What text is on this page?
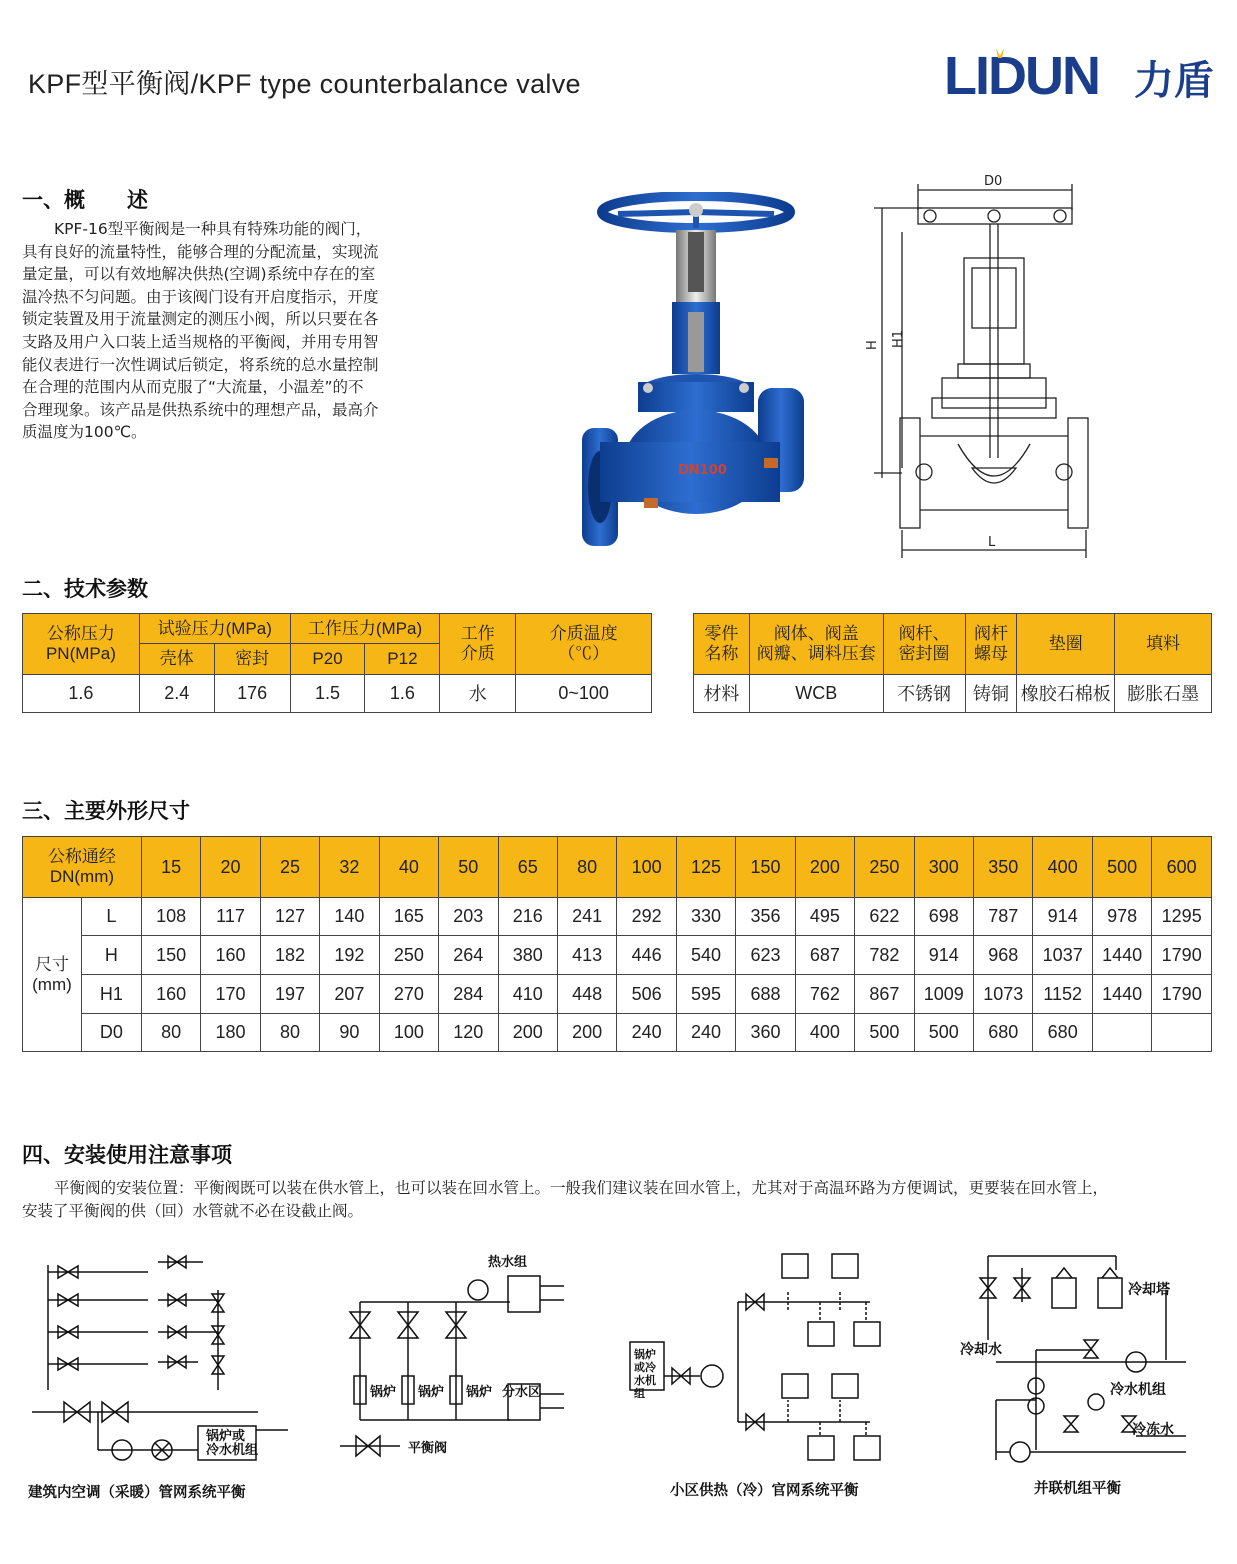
KPF型平衡阀/KPF type counterbalance valve	LIDUN 力盾
一、概　　述
KPF-16型平衡阀是一种具有特殊功能的阀门，
具有良好的流量特性，能够合理的分配流量，实现流
量定量，可以有效地解决供热(空调)系统中存在的室
温冷热不匀问题。由于该阀门设有开启度指示，开度
锁定装置及用于流量测定的测压小阀，所以只要在各
支路及用户入口装上适当规格的平衡阀，并用专用智
能仪表进行一次性调试后锁定，将系统的总水量控制
在合理的范围内从而克服了“大流量，小温差”的不
合理现象。该产品是供热系统中的理想产品，最高介
质温度为100℃。
DN100
D0
H H1
L
二、技术参数
公称压力
PN(MPa)	试验压力(MPa)		工作压力(MPa)		工作
介质	介质温度
（℃）
	壳体	密封	P20	P12		
1.6	2.4	176	1.5	1.6	水	0~100
零件
名称	阀体、阀盖
阀瓣、调料压套	阀杆、
密封圈	阀杆
螺母	垫圈	填料
材料	WCB	不锈钢	铸铜	橡胶石棉板	膨胀石墨
三、主要外形尺寸
公称通经
DN(mm)		15	20	25	32	40	50	65	80	100	125	150	200	250	300	350	400	500	600
尺寸
(mm)	L	108	117	127	140	165	203	216	241	292	330	356	495	622	698	787	914	978	1295
	H	150	160	182	192	250	264	380	413	446	540	623	687	782	914	968	1037	1440	1790
	H1	160	170	197	207	270	284	410	448	506	595	688	762	867	1009	1073	1152	1440	1790
	D0	80	180	80	90	100	120	200	200	240	240	360	400	500	500	680	680		
四、安装使用注意事项
平衡阀的安装位置：平衡阀既可以装在供水管上，也可以装在回水管上。一般我们建议装在回水管上，尤其对于高温环路为方便调试，更要装在回水管上，
安装了平衡阀的供（回）水管就不必在设截止阀。
锅炉或 冷水机组
建筑内空调（采暖）管网系统平衡
热水组
锅炉 锅炉 锅炉 分水区
平衡阀
锅炉 或冷 水机 组
小区供热（冷）官网系统平衡
冷却塔
冷却水
冷水机组
冷冻水
并联机组平衡
